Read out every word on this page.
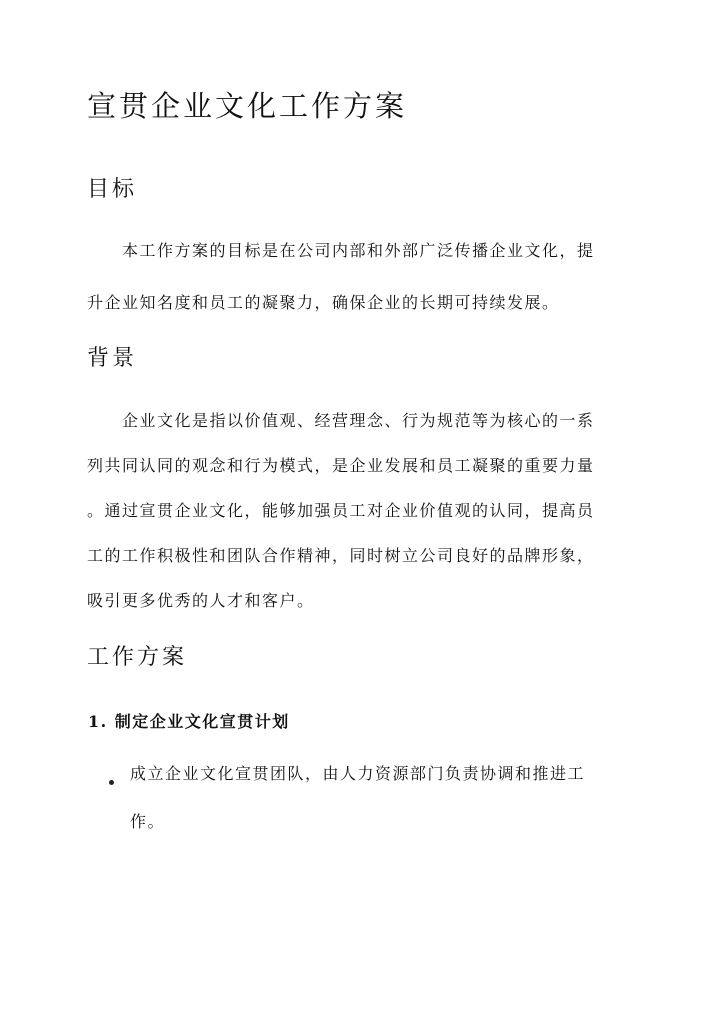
宣贯企业文化工作方案
目标
本工作方案的目标是在公司内部和外部广泛传播企业文化，提
升企业知名度和员工的凝聚力，确保企业的长期可持续发展。
背景
企业文化是指以价值观、经营理念、行为规范等为核心的一系
列共同认同的观念和行为模式，是企业发展和员工凝聚的重要力量
。通过宣贯企业文化，能够加强员工对企业价值观的认同，提高员
工的工作积极性和团队合作精神，同时树立公司良好的品牌形象，
吸引更多优秀的人才和客户。
工作方案
1. 制定企业文化宣贯计划
成立企业文化宣贯团队，由人力资源部门负责协调和推进工
作。
